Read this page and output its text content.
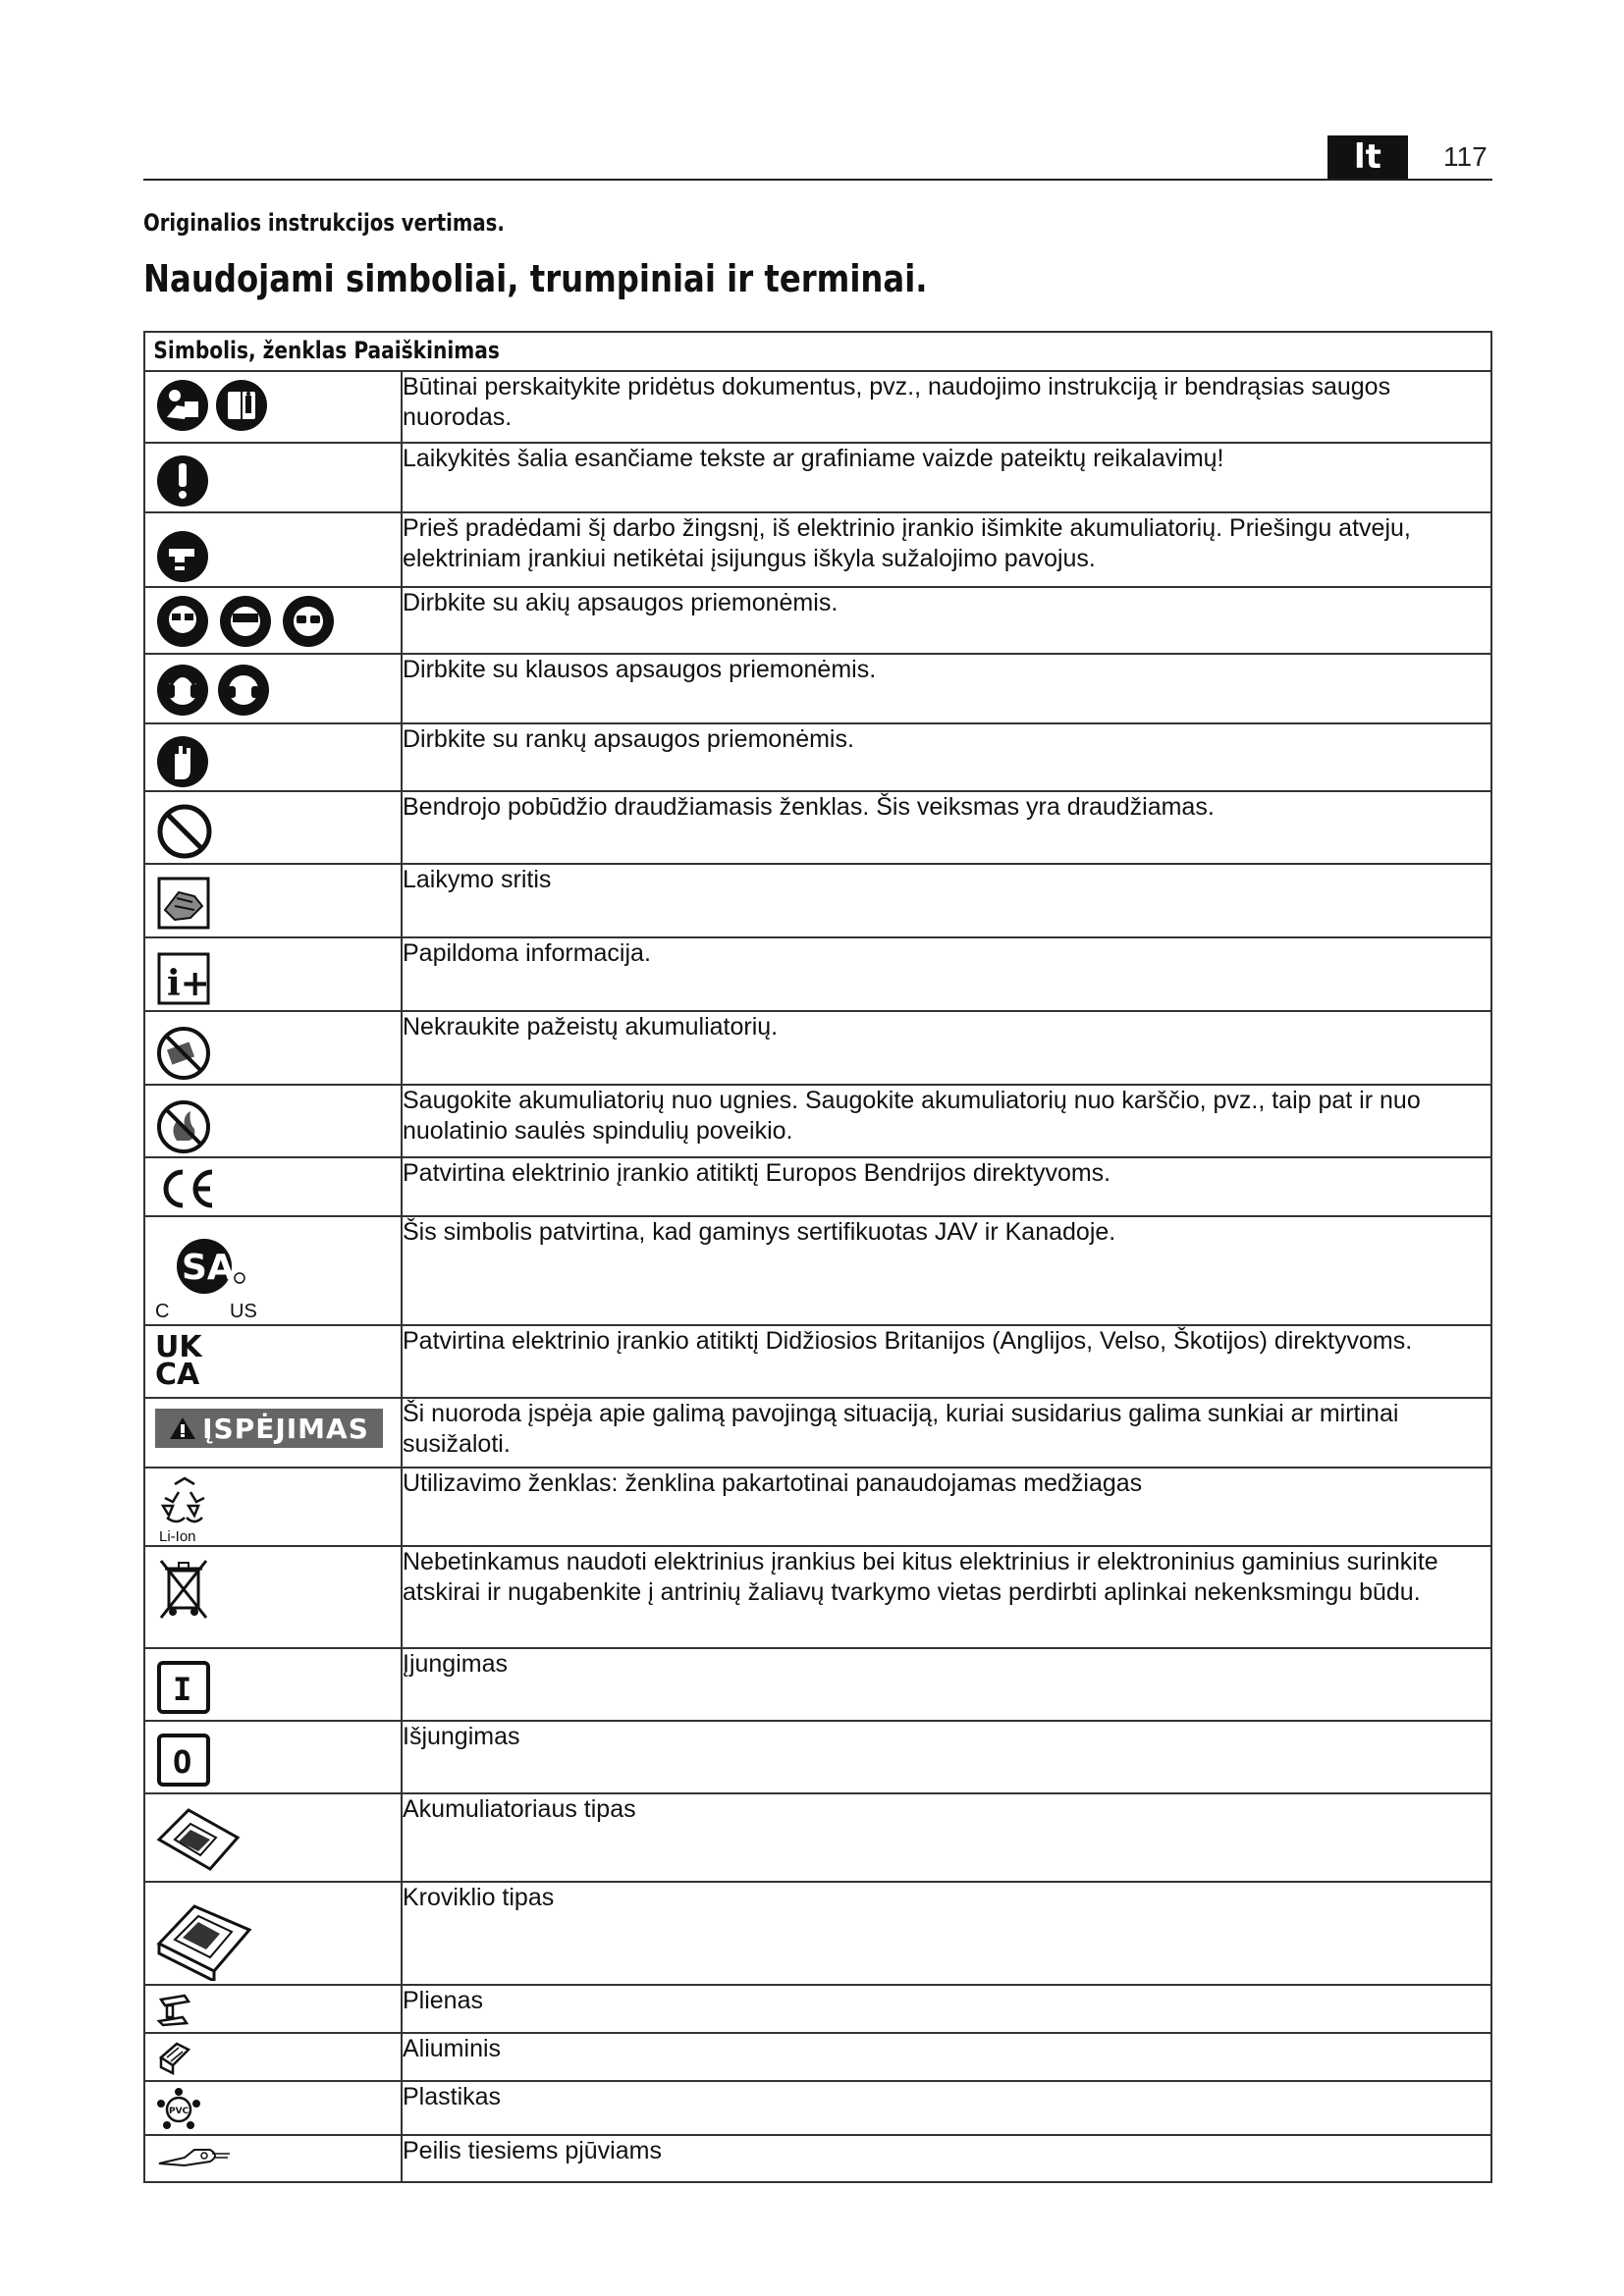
lt	117
Originalios instrukcijos vertimas.
Naudojami simboliai, trumpiniai ir terminai.
Simbolis, ženklas Paaiškinimas	

	Būtinai perskaitykite pridėtus dokumentus, pvz., naudojimo instrukciją ir bendrąsias saugos nuorodas.

	Laikykitės šalia esančiame tekste ar grafiniame vaizde pateiktų reikalavimų!

	Prieš pradėdami šį darbo žingsnį, iš elektrinio įrankio išimkite akumuliatorių. Priešingu atveju, elektriniam įrankiui netikėtai įsijungus iškyla sužalojimo pavojus.

	Dirbkite su akių apsaugos priemonėmis.

	Dirbkite su klausos apsaugos priemonėmis.

	Dirbkite su rankų apsaugos priemonėmis.

	Bendrojo pobūdžio draudžiamasis ženklas. Šis veiksmas yra draudžiamas.

	Laikymo sritis

i+	Papildoma informacija.

	Nekraukite pažeistų akumuliatorių.

	Saugokite akumuliatorių nuo ugnies. Saugokite akumuliatorių nuo karščio, pvz., taip pat ir nuo nuolatinio saulės spindulių poveikio.

	Patvirtina elektrinio įrankio atitiktį Europos Bendrijos direktyvoms.

SA
C US	Šis simbolis patvirtina, kad gaminys sertifikuotas JAV ir Kanadoje.

UK
CA	Patvirtina elektrinio įrankio atitiktį Didžiosios Britanijos (Anglijos, Velso, Škotijos) direktyvoms.

ĮSPĖJIMAS	Ši nuoroda įspėja apie galimą pavojingą situaciją, kuriai susidarius galima sunkiai ar mirtinai susižaloti.

Li-Ion	Utilizavimo ženklas: ženklina pakartotinai panaudojamas medžiagas

	Nebetinkamus naudoti elektrinius įrankius bei kitus elektrinius ir elektroninius gaminius surinkite atskirai ir nugabenkite į antrinių žaliavų tvarkymo vietas perdirbti aplinkai nekenksmingu būdu.

I	Įjungimas

O	Išjungimas

	Akumuliatoriaus tipas

	Kroviklio tipas

	Plienas

	Aliuminis

PVC	Plastikas

	Peilis tiesiems pjūviams
